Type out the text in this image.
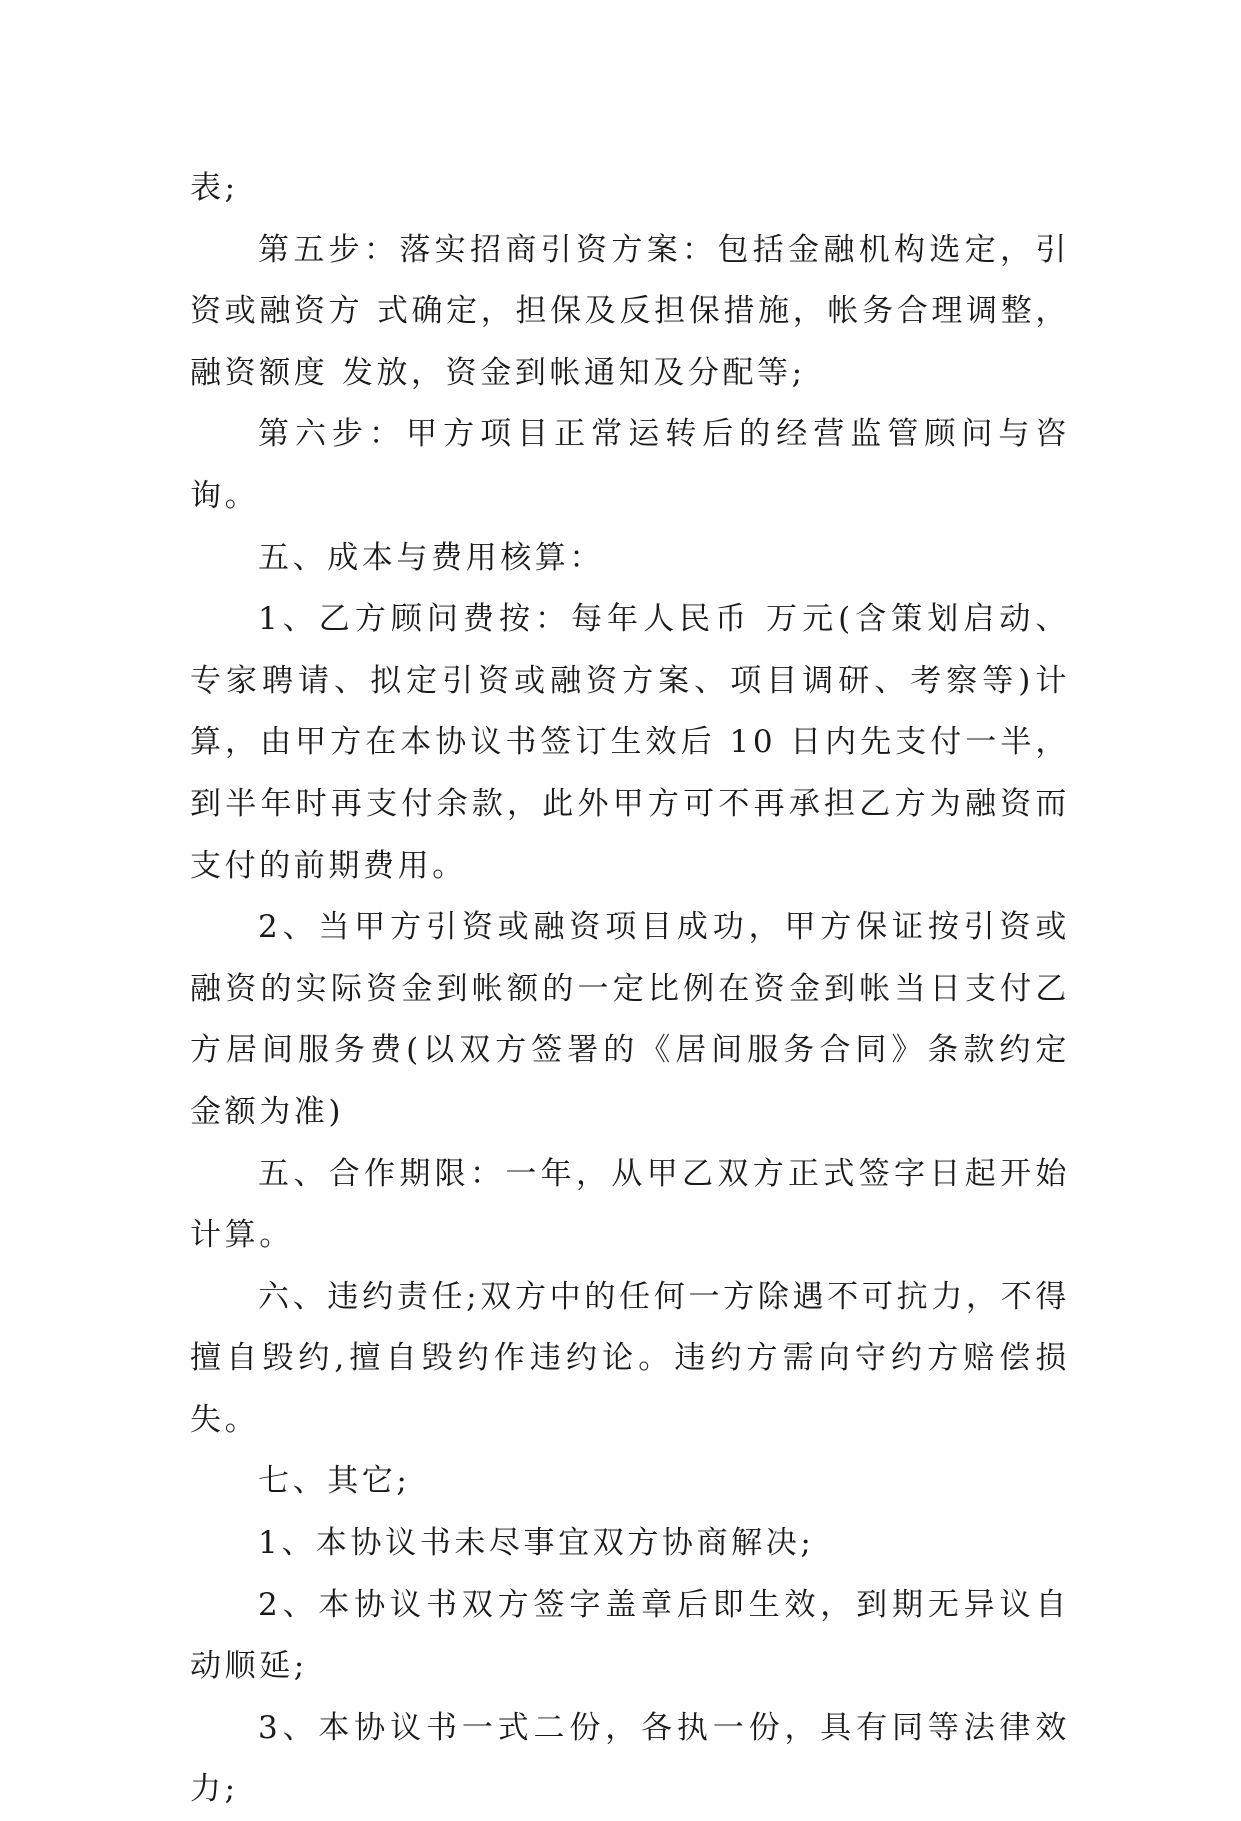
表;

第五步：落实招商引资方案：包括金融机构选定，引资或融资方 式确定，担保及反担保措施，帐务合理调整，融资额度 发放，资金到帐通知及分配等;

第六步：甲方项目正常运转后的经营监管顾问与咨询。

五、成本与费用核算：

1、乙方顾问费按：每年人民币 万元(含策划启动、专家聘请、拟定引资或融资方案、项目调研、考察等)计算，由甲方在本协议书签订生效后 10 日内先支付一半，到半年时再支付余款，此外甲方可不再承担乙方为融资而支付的前期费用。

2、当甲方引资或融资项目成功，甲方保证按引资或融资的实际资金到帐额的一定比例在资金到帐当日支付乙方居间服务费(以双方签署的《居间服务合同》条款约定金额为准)

五、合作期限：一年，从甲乙双方正式签字日起开始计算。

六、违约责任;双方中的任何一方除遇不可抗力，不得擅自毁约,擅自毁约作违约论。违约方需向守约方赔偿损失。

七、其它;

1、本协议书未尽事宜双方协商解决;

2、本协议书双方签字盖章后即生效，到期无异议自动顺延;

3、本协议书一式二份，各执一份，具有同等法律效力;
